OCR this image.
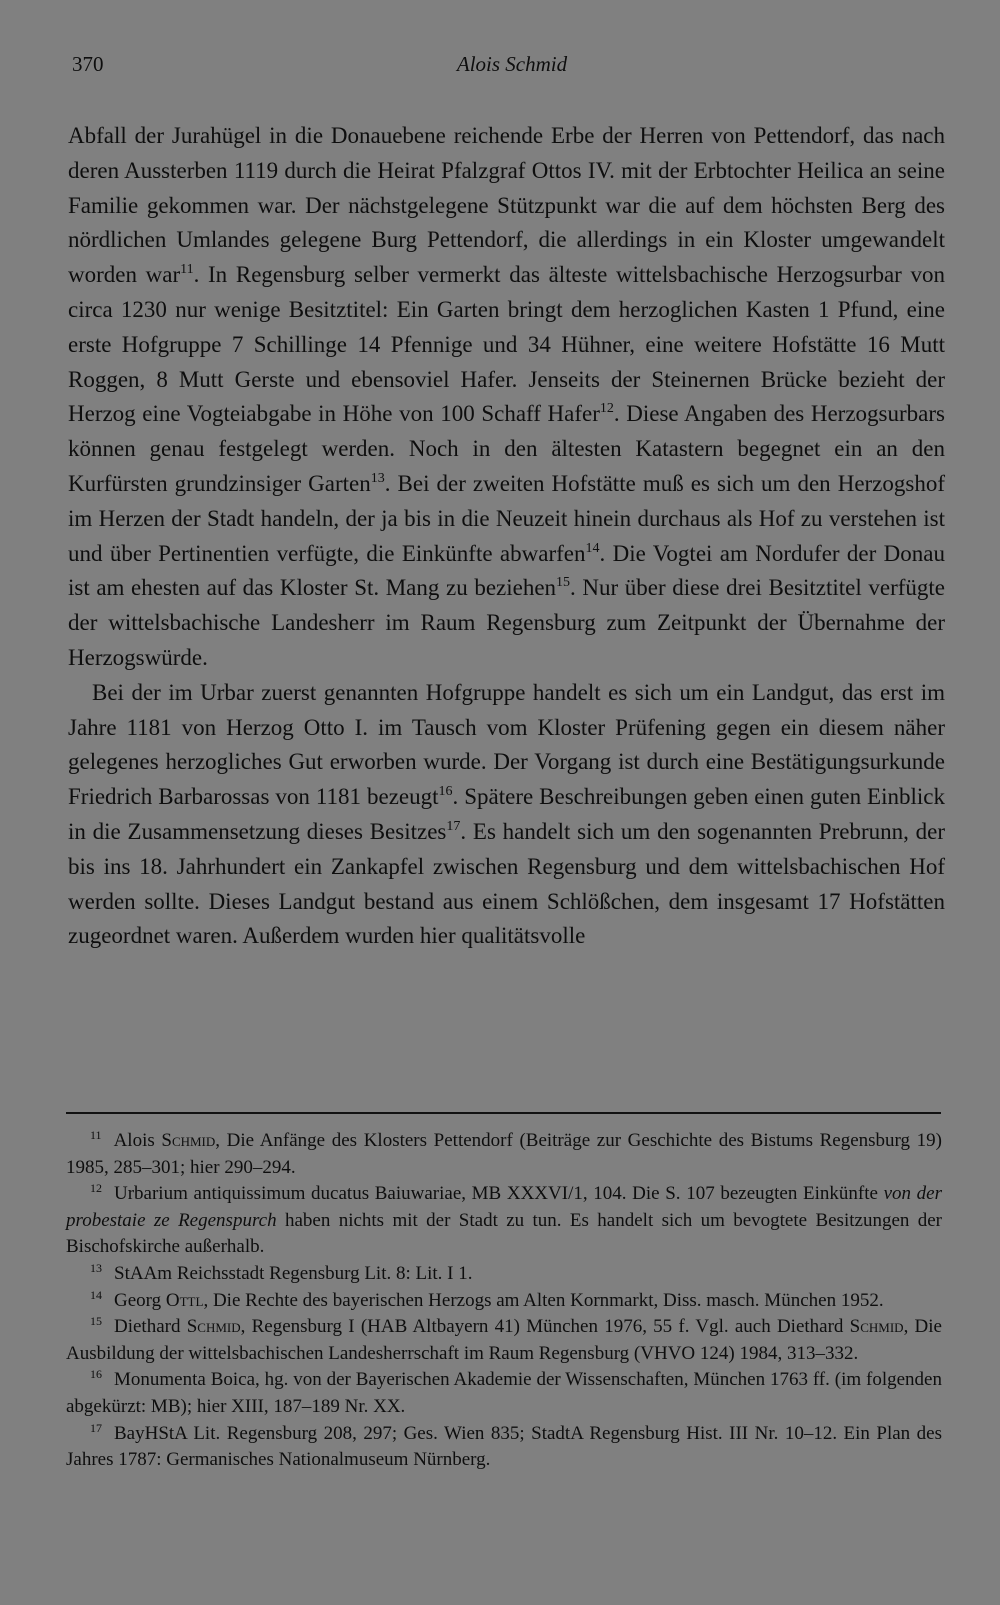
370	Alois Schmid

Abfall der Jurahügel in die Donauebene reichende Erbe der Herren von Pettendorf, das nach deren Aussterben 1119 durch die Heirat Pfalzgraf Ottos IV. mit der Erbtochter Heilica an seine Familie gekommen war. Der nächstgelegene Stützpunkt war die auf dem höchsten Berg des nördlichen Umlandes gelegene Burg Pettendorf, die allerdings in ein Kloster umgewandelt worden war$^{11}$. In Regensburg selber vermerkt das älteste wittelsbachische Herzogsurbar von circa 1230 nur wenige Besitztitel: Ein Garten bringt dem herzoglichen Kasten 1 Pfund, eine erste Hofgruppe 7 Schillinge 14 Pfennige und 34 Hühner, eine weitere Hofstätte 16 Mutt Roggen, 8 Mutt Gerste und ebensoviel Hafer. Jenseits der Steinernen Brücke bezieht der Herzog eine Vogteiabgabe in Höhe von 100 Schaff Hafer$^{12}$. Diese Angaben des Herzogsurbars können genau festgelegt werden. Noch in den ältesten Katastern begegnet ein an den Kurfürsten grundzinsiger Garten$^{13}$. Bei der zweiten Hofstätte muß es sich um den Herzogshof im Herzen der Stadt handeln, der ja bis in die Neuzeit hinein durchaus als Hof zu verstehen ist und über Pertinentien verfügte, die Einkünfte abwarfen$^{14}$. Die Vogtei am Nordufer der Donau ist am ehesten auf das Kloster St. Mang zu beziehen$^{15}$. Nur über diese drei Besitztitel verfügte der wittelsbachische Landesherr im Raum Regensburg zum Zeitpunkt der Übernahme der Herzogswürde.

Bei der im Urbar zuerst genannten Hofgruppe handelt es sich um ein Landgut, das erst im Jahre 1181 von Herzog Otto I. im Tausch vom Kloster Prüfening gegen ein diesem näher gelegenes herzogliches Gut erworben wurde. Der Vorgang ist durch eine Bestätigungsurkunde Friedrich Barbarossas von 1181 bezeugt$^{16}$. Spätere Beschreibungen geben einen guten Einblick in die Zusammensetzung dieses Besitzes$^{17}$. Es handelt sich um den sogenannten Prebrunn, der bis ins 18. Jahrhundert ein Zankapfel zwischen Regensburg und dem wittelsbachischen Hof werden sollte. Dieses Landgut bestand aus einem Schlößchen, dem insgesamt 17 Hofstätten zugeordnet waren. Außerdem wurden hier qualitätsvolle

$^{11}$ Alois Schmid, Die Anfänge des Klosters Pettendorf (Beiträge zur Geschichte des Bistums Regensburg 19) 1985, 285–301; hier 290–294.

$^{12}$ Urbarium antiquissimum ducatus Baiuwariae, MB XXXVI/1, 104. Die S. 107 bezeugten Einkünfte von der probestaie ze Regenspurch haben nichts mit der Stadt zu tun. Es handelt sich um bevogtete Besitzungen der Bischofskirche außerhalb.

$^{13}$ StAAm Reichsstadt Regensburg Lit. 8: Lit. I 1.

$^{14}$ Georg Ottl, Die Rechte des bayerischen Herzogs am Alten Kornmarkt, Diss. masch. München 1952.

$^{15}$ Diethard Schmid, Regensburg I (HAB Altbayern 41) München 1976, 55 f. Vgl. auch Diethard Schmid, Die Ausbildung der wittelsbachischen Landesherrschaft im Raum Regensburg (VHVO 124) 1984, 313–332.

$^{16}$ Monumenta Boica, hg. von der Bayerischen Akademie der Wissenschaften, München 1763 ff. (im folgenden abgekürzt: MB); hier XIII, 187–189 Nr. XX.

$^{17}$ BayHStA Lit. Regensburg 208, 297; Ges. Wien 835; StadtA Regensburg Hist. III Nr. 10–12. Ein Plan des Jahres 1787: Germanisches Nationalmuseum Nürnberg.
